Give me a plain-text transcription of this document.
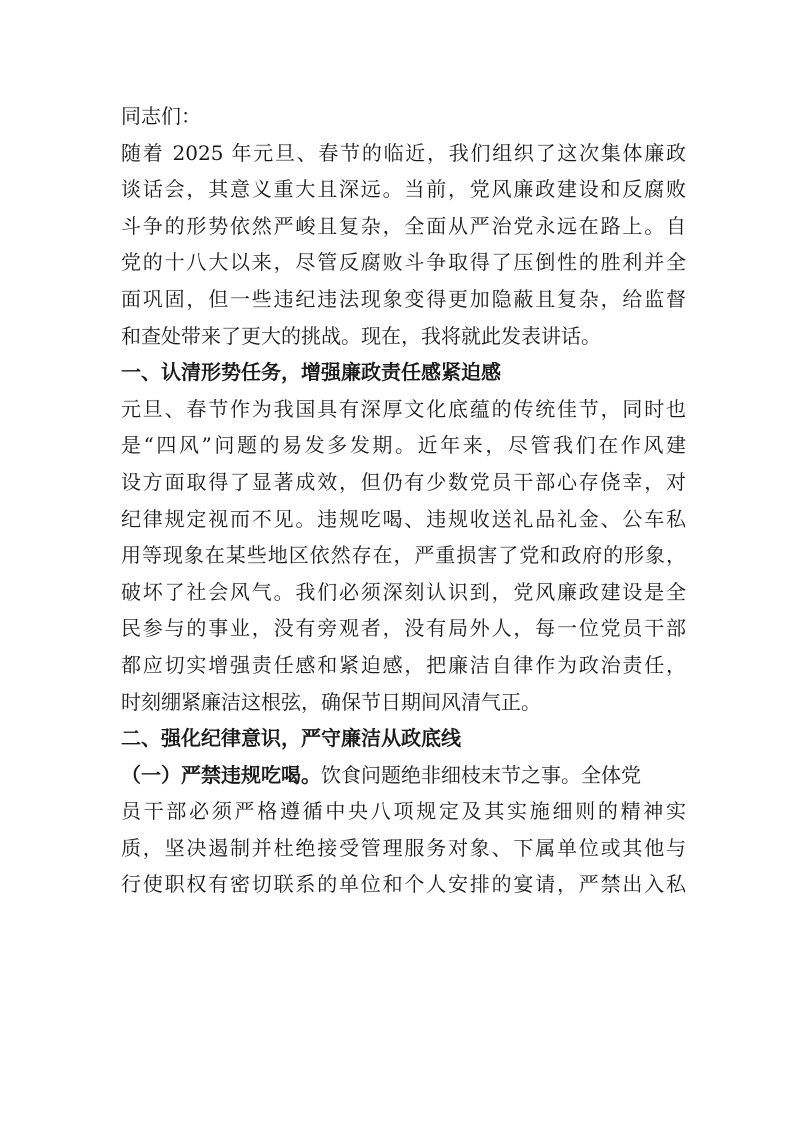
同志们：
随着 2025 年元旦、春节的临近，我们组织了这次集体廉政
谈话会，其意义重大且深远。当前，党风廉政建设和反腐败
斗争的形势依然严峻且复杂，全面从严治党永远在路上。自
党的十八大以来，尽管反腐败斗争取得了压倒性的胜利并全
面巩固，但一些违纪违法现象变得更加隐蔽且复杂，给监督
和查处带来了更大的挑战。现在，我将就此发表讲话。
一、认清形势任务，增强廉政责任感紧迫感
元旦、春节作为我国具有深厚文化底蕴的传统佳节，同时也
是“四风”问题的易发多发期。近年来，尽管我们在作风建
设方面取得了显著成效，但仍有少数党员干部心存侥幸，对
纪律规定视而不见。违规吃喝、违规收送礼品礼金、公车私
用等现象在某些地区依然存在，严重损害了党和政府的形象，
破坏了社会风气。我们必须深刻认识到，党风廉政建设是全
民参与的事业，没有旁观者，没有局外人，每一位党员干部
都应切实增强责任感和紧迫感，把廉洁自律作为政治责任，
时刻绷紧廉洁这根弦，确保节日期间风清气正。
二、强化纪律意识，严守廉洁从政底线
（一）严禁违规吃喝。饮食问题绝非细枝末节之事。全体党
员干部必须严格遵循中央八项规定及其实施细则的精神实
质，坚决遏制并杜绝接受管理服务对象、下属单位或其他与
行使职权有密切联系的单位和个人安排的宴请，严禁出入私
